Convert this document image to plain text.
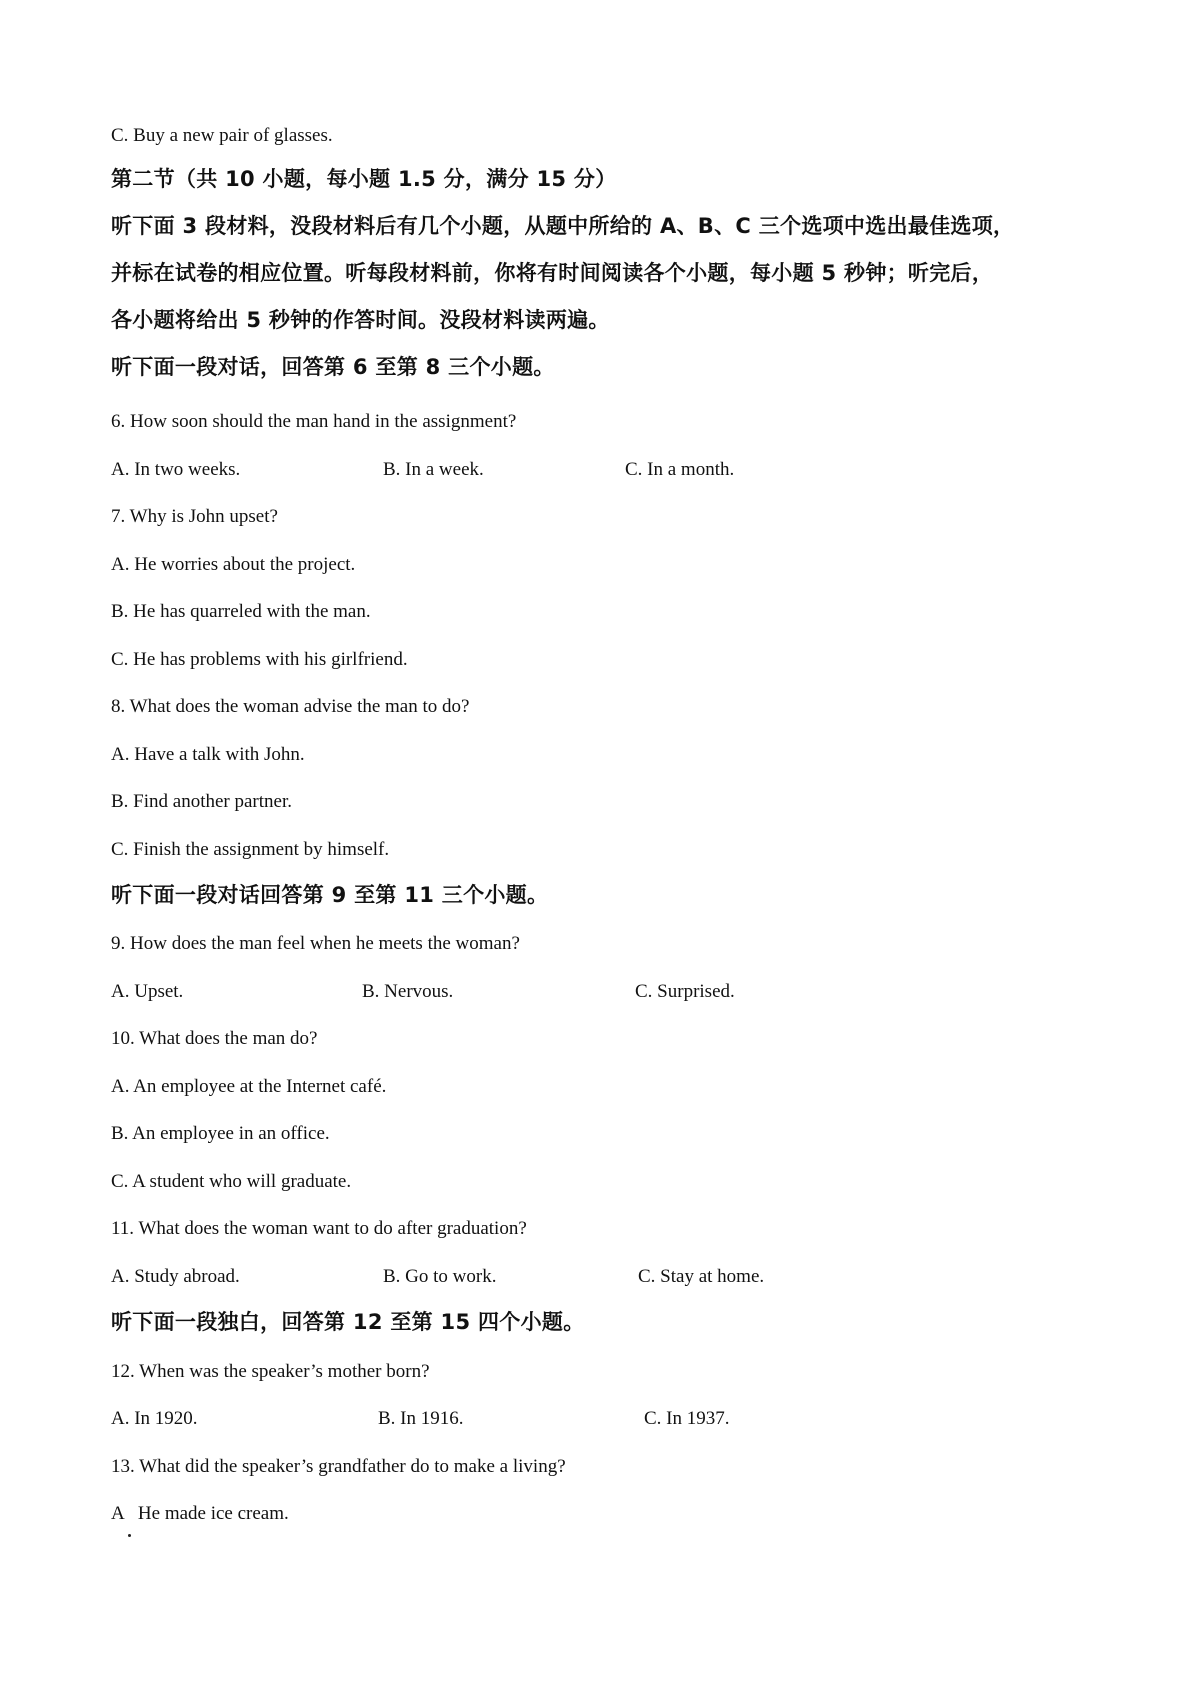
C. Buy a new pair of glasses.
第二节（共 10 小题，每小题 1.5 分，满分 15 分）
听下面 3 段材料，没段材料后有几个小题，从题中所给的 A、B、C 三个选项中选出最佳选项，
并标在试卷的相应位置。听每段材料前，你将有时间阅读各个小题，每小题 5 秒钟；听完后，
各小题将给出 5 秒钟的作答时间。没段材料读两遍。
听下面一段对话，回答第 6 至第 8 三个小题。
6. How soon should the man hand in the assignment?
A. In two weeks.	B. In a week.	C. In a month.
7. Why is John upset?
A. He worries about the project.
B. He has quarreled with the man.
C. He has problems with his girlfriend.
8. What does the woman advise the man to do?
A. Have a talk with John.
B. Find another partner.
C. Finish the assignment by himself.
听下面一段对话回答第 9 至第 11 三个小题。
9. How does the man feel when he meets the woman?
A. Upset.	B. Nervous.	C. Surprised.
10. What does the man do?
A. An employee at the Internet café.
B. An employee in an office.
C. A student who will graduate.
11. What does the woman want to do after graduation?
A. Study abroad.	B. Go to work.	C. Stay at home.
听下面一段独白，回答第 12 至第 15 四个小题。
12. When was the speaker’s mother born?
A. In 1920.	B. In 1916.	C. In 1937.
13. What did the speaker’s grandfather do to make a living?
A   He made ice cream.
